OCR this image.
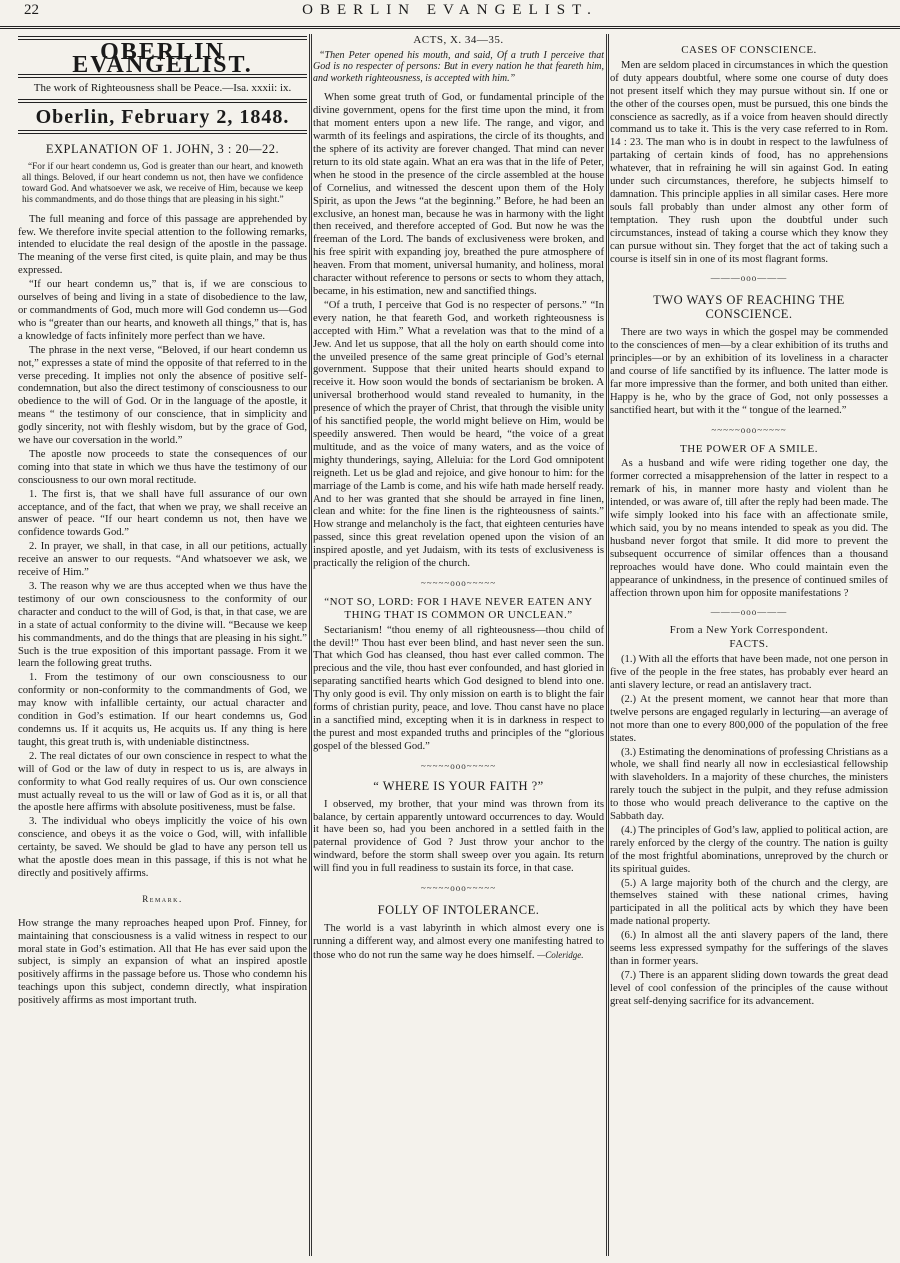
22	OBERLIN EVANGELIST.
OBERLIN EVANGELIST.
The work of Righteousness shall be Peace.—Isa. xxxii: ix.
Oberlin, February 2, 1848.
EXPLANATION OF 1. JOHN, 3 : 20—22.

“For if our heart condemn us, God is greater than our heart, and knoweth all things. Beloved, if our heart condemn us not, then have we confidence toward God. And whatsoever we ask, we receive of Him, because we keep his commandments, and do those things that are pleasing in his sight.”

The full meaning and force of this passage are apprehended by few. We therefore invite special attention to the following remarks, intended to elucidate the real design of the apostle in the passage. The meaning of the verse first cited, is quite plain, and may be thus expressed.

“If our heart condemn us,” that is, if we are conscious to ourselves of being and living in a state of disobedience to the law, or commandments of God, much more will God condemn us—God who is “greater than our hearts, and knoweth all things,” that is, has a knowledge of facts infinitely more perfect than we have.

The phrase in the next verse, “Beloved, if our heart condemn us not,” expresses a state of mind the opposite of that referred to in the verse preceding. It implies not only the absence of positive self-condemnation, but also the direct testimony of consciousness to our obedience to the will of God. Or in the language of the apostle, it means “ the testimony of our conscience, that in simplicity and godly sincerity, not with fleshly wisdom, but by the grace of God, we have our coversation in the world.”

The apostle now proceeds to state the consequences of our coming into that state in which we thus have the testimony of our consciousness to our own moral rectitude.

1. The first is, that we shall have full assurance of our own acceptance, and of the fact, that when we pray, we shall receive an answer of peace. “If our heart condemn us not, then have we confidence towards God.”

2. In prayer, we shall, in that case, in all our petitions, actually receive an answer to our requests. “And whatsoever we ask, we receive of Him.”

3. The reason why we are thus accepted when we thus have the testimony of our own consciousness to the conformity of our character and conduct to the will of God, is that, in that case, we are in a state of actual conformity to the divine will. “Because we keep his commandments, and do the things that are pleasing in his sight.” Such is the true exposition of this important passage. From it we learn the following great truths.

1. From the testimony of our own consciousness to our conformity or non-conformity to the commandments of God, we may know with infallible certainty, our actual character and condition in God’s estimation. If our heart condemns us, God condemns us. If it acquits us, He acquits us. If any thing is here taught, this great truth is, with undeniable distinctness.

2. The real dictates of our own conscience in respect to what the will of God or the law of duty in respect to us is, are always in conformity to what God really requires of us. Our own conscience must actually reveal to us the will or law of God as it is, or all that the apostle here affirms with absolute positiveness, must be false.

3. The individual who obeys implicitly the voice of his own conscience, and obeys it as the voice o God, will, with infallible certainty, be saved. We should be glad to have any person tell us what the apostle does mean in this passage, if this is not what he directly and positively affirms.

Remark.

How strange the many reproaches heaped upon Prof. Finney, for maintaining that consciousness is a valid witness in respect to our moral state in God’s estimation. All that He has ever said upon the subject, is simply an expansion of what an inspired apostle positively affirms in the passage before us. Those who condemn his teachings upon this subject, condemn directly, what inspiration positively affirms as most important truth.

ACTS, X. 34—35.

“Then Peter opened his mouth, and said, Of a truth I perceive that God is no respecter of persons: But in every nation he that feareth him, and worketh righteousness, is accepted with him.”

When some great truth of God, or fundamental principle of the divine government, opens for the first time upon the mind, it from that moment enters upon a new life. The range, and vigor, and warmth of its feelings and aspirations, the circle of its thoughts, and the sphere of its activity are forever changed. That mind can never return to its old state again. What an era was that in the life of Peter, when he stood in the presence of the circle assembled at the house of Cornelius, and witnessed the descent upon them of the Holy Spirit, as upon the Jews “at the beginning.” Before, he had been an exclusive, an honest man, because he was in harmony with the light then received, and therefore accepted of God. But now he was the freeman of the Lord. The bands of exclusiveness were broken, and his free spirit with expanding joy, breathed the pure atmosphere of heaven. From that moment, universal humanity, and holiness, moral character without reference to persons or sects to whom they attach, became, in his estimation, new and sanctified things.

“Of a truth, I perceive that God is no respecter of persons.” “In every nation, he that feareth God, and worketh righteousness is accepted with Him.” What a revelation was that to the mind of a Jew. And let us suppose, that all the holy on earth should come into the unveiled presence of the same great principle of God’s eternal government. Suppose that their united hearts should expand to receive it. How soon would the bonds of sectarianism be broken. A universal brotherhood would stand revealed to humanity, in the presence of which the prayer of Christ, that through the visible unity of his sanctified people, the world might believe on Him, would be speedily answered. Then would be heard, “the voice of a great multitude, and as the voice of many waters, and as the voice of mighty thunderings, saying, Alleluia: for the Lord God omnipotent reigneth. Let us be glad and rejoice, and give honour to him: for the marriage of the Lamb is come, and his wife hath made herself ready. And to her was granted that she should be arrayed in fine linen, clean and white: for the fine linen is the righteousness of saints.” How strange and melancholy is the fact, that eighteen centuries have passed, since this great revelation opened upon the vision of an inspired apostle, and yet Judaism, with its tests of exclusiveness is practically the religion of the church.

~~~~~ooo~~~~~
“NOT SO, LORD: FOR I HAVE NEVER EATEN ANY THING THAT IS COMMON OR UNCLEAN.”

Sectarianism! “thou enemy of all righteousness—thou child of the devil!” Thou hast ever been blind, and hast never seen the sun. That which God has cleansed, thou hast ever called common. The precious and the vile, thou hast ever confounded, and hast gloried in separating sanctified hearts which God designed to blend into one. Thy only good is evil. Thy only mission on earth is to blight the fair forms of christian purity, peace, and love. Thou canst have no place in a sanctified mind, excepting when it is in darkness in respect to the purest and most expanded truths and principles of the “glorious gospel of the blessed God.”

~~~~~ooo~~~~~
“ WHERE IS YOUR FAITH ?”

I observed, my brother, that your mind was thrown from its balance, by certain apparently untoward occurrences to day. Would it have been so, had you been anchored in a settled faith in the paternal providence of God ? Just throw your anchor to the windward, before the storm shall sweep over you again. Its return will find you in full readiness to sustain its force, in that case.

~~~~~ooo~~~~~
FOLLY OF INTOLERANCE.

The world is a vast labyrinth in which almost every one is running a different way, and almost every one manifesting hatred to those who do not run the same way he does himself. —Coleridge.

CASES OF CONSCIENCE.

Men are seldom placed in circumstances in which the question of duty appears doubtful, where some one course of duty does not present itself which they may pursue without sin. If one or the other of the courses open, must be pursued, this one binds the conscience as sacredly, as if a voice from heaven should directly command us to take it. This is the very case referred to in Rom. 14 : 23. The man who is in doubt in respect to the lawfulness of partaking of certain kinds of food, has no apprehensions whatever, that in refraining he will sin against God. In eating under such circumstances, therefore, he subjects himself to damnation. This principle applies in all similar cases. Here more souls fall probably than under almost any other form of temptation. They rush upon the doubtful under such circumstances, instead of taking a course which they know they can pursue without sin. They forget that the act of taking such a course is itself sin in one of its most flagrant forms.

———ooo———
TWO WAYS OF REACHING THE CONSCIENCE.

There are two ways in which the gospel may be commended to the consciences of men—by a clear exhibition of its truths and principles—or by an exhibition of its loveliness in a character and course of life sanctified by its influence. The latter mode is far more impressive than the former, and both united than either. Happy is he, who by the grace of God, not only possesses a sanctified heart, but with it the “ tongue of the learned.”

~~~~~ooo~~~~~
THE POWER OF A SMILE.

As a husband and wife were riding together one day, the former corrected a misapprehension of the latter in respect to a remark of his, in manner more hasty and violent than he intended, or was aware of, till after the reply had been made. The wife simply looked into his face with an affectionate smile, which said, you by no means intended to speak as you did. The husband never forgot that smile. It did more to prevent the subsequent occurrence of similar offences than a thousand reproaches would have done. Who could maintain even the appearance of unkindness, in the presence of continued smiles of affection thrown upon him for opposite manifestations ?

———ooo———
From a New York Correspondent.
FACTS.

(1.) With all the efforts that have been made, not one person in five of the people in the free states, has probably ever heard an anti slavery lecture, or read an antislavery tract.

(2.) At the present moment, we cannot hear that more than twelve persons are engaged regularly in lecturing—an average of not more than one to every 800,000 of the population of the free states.

(3.) Estimating the denominations of professing Christians as a whole, we shall find nearly all now in ecclesiastical fellowship with slaveholders. In a majority of these churches, the ministers rarely touch the subject in the pulpit, and they refuse admission to those who would preach deliverance to the captive on the Sabbath day.

(4.) The principles of God’s law, applied to political action, are rarely enforced by the clergy of the country. The nation is guilty of the most frightful abominations, unreproved by the church or its spiritual guides.

(5.) A large majority both of the church and the clergy, are themselves stained with these national crimes, having participated in all the political acts by which they have been made national property.

(6.) In almost all the anti slavery papers of the land, there seems less expressed sympathy for the sufferings of the slaves than in former years.

(7.) There is an apparent sliding down towards the great dead level of cool confession of the principles of the cause without great self-denying sacrifice for its advancement.
